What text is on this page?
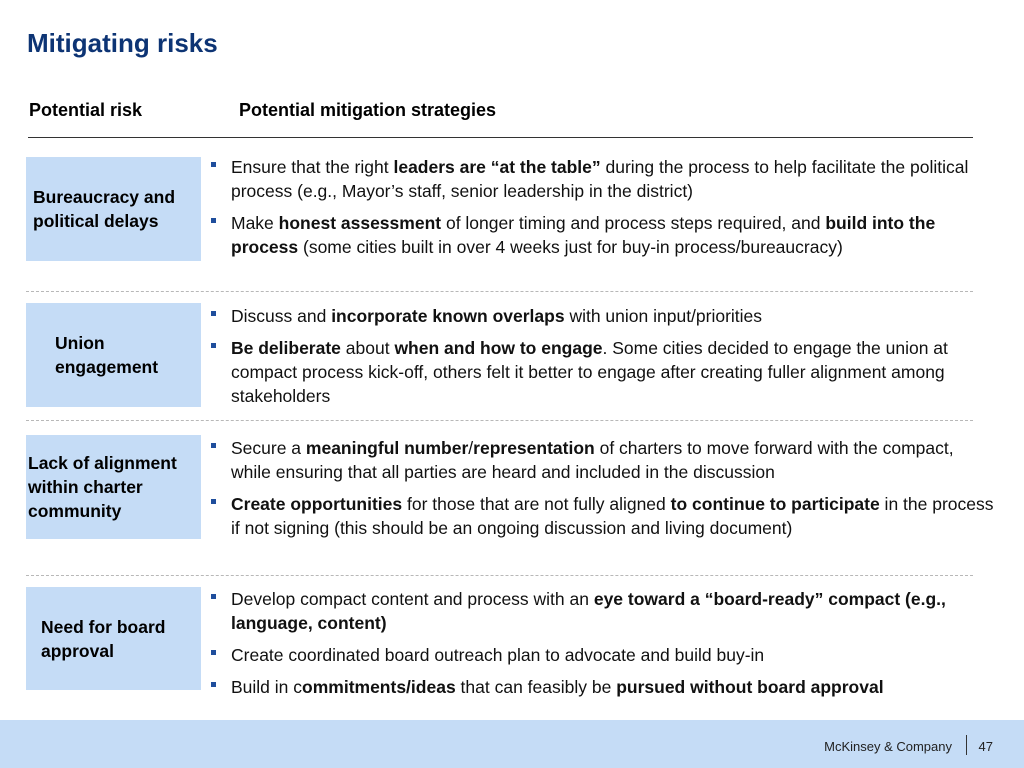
Mitigating risks
Potential risk	Potential mitigation strategies
Bureaucracy and political delays
Ensure that the right leaders are “at the table” during the process to help facilitate the political process (e.g., Mayor’s staff, senior leadership in the district)
Make honest assessment of longer timing and process steps required, and build into the process (some cities built in over 4 weeks just for buy-in process/bureaucracy)
Union engagement
Discuss and incorporate known overlaps with union input/priorities
Be deliberate about when and how to engage. Some cities decided to engage the union at compact process kick-off, others felt it better to engage after creating fuller alignment among stakeholders
Lack of alignment within charter community
Secure a meaningful number/representation of charters to move forward with the compact, while ensuring that all parties are heard and included in the discussion
Create opportunities for those that are not fully aligned to continue to participate in the process if not signing (this should be an ongoing discussion and living document)
Need for board approval
Develop compact content and process with an eye toward a “board-ready” compact (e.g., language, content)
Create coordinated board outreach plan to advocate and build buy-in
Build in commitments/ideas that can feasibly be pursued without board approval
McKinsey & Company 47
